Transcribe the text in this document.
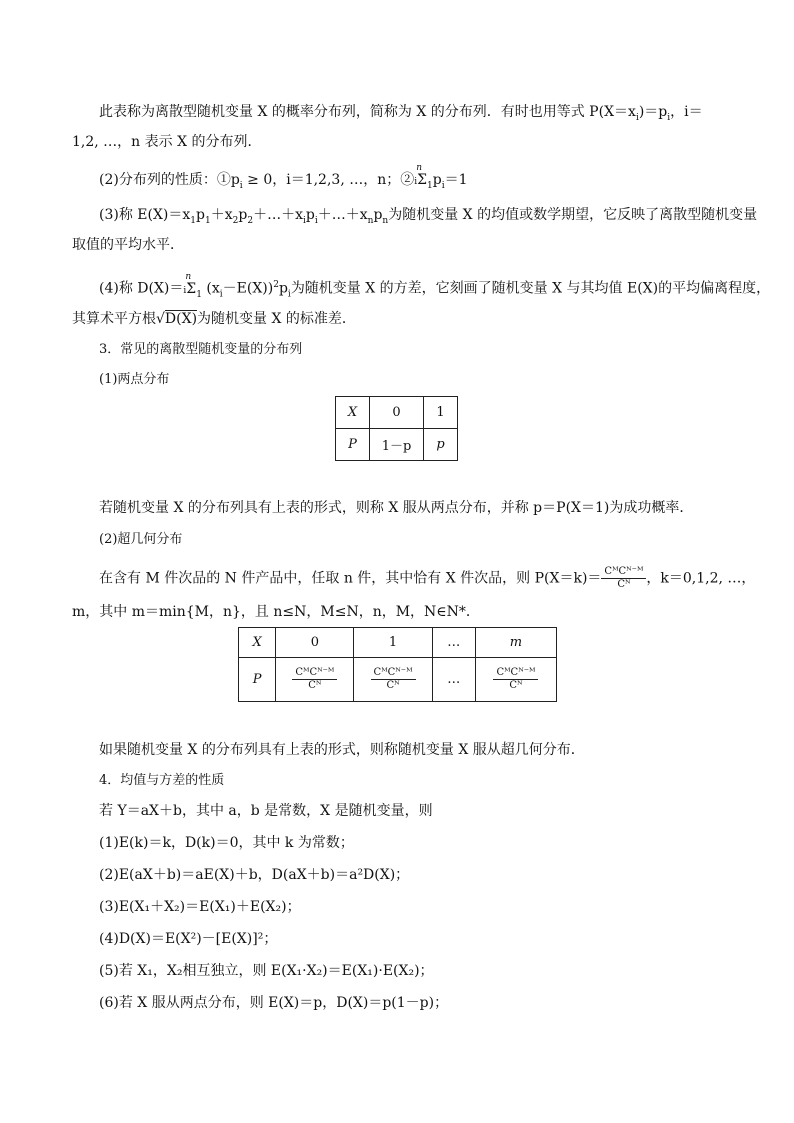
此表称为离散型随机变量 X 的概率分布列，简称为 X 的分布列．有时也用等式 $P(X=x_i)=p_i$，i＝
1,2, …，n 表示 X 的分布列．
(2)分布列的性质：$①p_i \ge 0$，i＝1,2,3, …，n；②
n
$i\Sigma_1p_i=1$
(3)称 $E(X)=x_1p_1+x_2p_2+\dots+x_ip_i+\dots+x_np_n$为随机变量 X 的均值或数学期望，它反映了离散型随机变量
取值的平均水平．
(4)称 D(X)＝
n
$i\Sigma_1$ $(x_i-E(X))^2p_i$为随机变量 X 的方差，它刻画了随机变量 X 与其均值 E(X)的平均偏离程度，
其算术平方根√D(X)为随机变量 X 的标准差．
3．常见的离散型随机变量的分布列
(1)两点分布
X	0	1
P	1－p	p
若随机变量 X 的分布列具有上表的形式，则称 X 服从两点分布，并称 p＝P(X＝1)为成功概率．
(2)超几何分布
在含有 M 件次品的 N 件产品中，任取 n 件，其中恰有 X 件次品，则 $P(X=k)= \frac{\text{CᴹCᴺ⁻ᴹ}}{\text{Cᴺ}}$ ，k＝0,1,2, …，
m，其中 m＝min{M，n}，且 n≤N，M≤N，n，M，N∈N*．
X	0	1	…	m
P	$\frac{\text{CᴹCᴺ⁻ᴹ}}{\text{Cᴺ}}$	$\frac{\text{CᴹCᴺ⁻ᴹ}}{\text{Cᴺ}}$	…	$\frac{\text{CᴹCᴺ⁻ᴹ}}{\text{Cᴺ}}$
如果随机变量 X 的分布列具有上表的形式，则称随机变量 X 服从超几何分布．
4．均值与方差的性质
若 Y＝aX＋b，其中 a，b 是常数，X 是随机变量，则
(1)E(k)＝k，D(k)＝0，其中 k 为常数；
(2)E(aX＋b)＝aE(X)＋b，D(aX＋b)＝a²D(X)；
(3)E(X₁＋X₂)＝E(X₁)＋E(X₂)；
(4)D(X)＝E(X²)－[E(X)]²；
(5)若 X₁，X₂相互独立，则 E(X₁·X₂)＝E(X₁)·E(X₂)；
(6)若 X 服从两点分布，则 E(X)＝p，D(X)＝p(1－p)；
